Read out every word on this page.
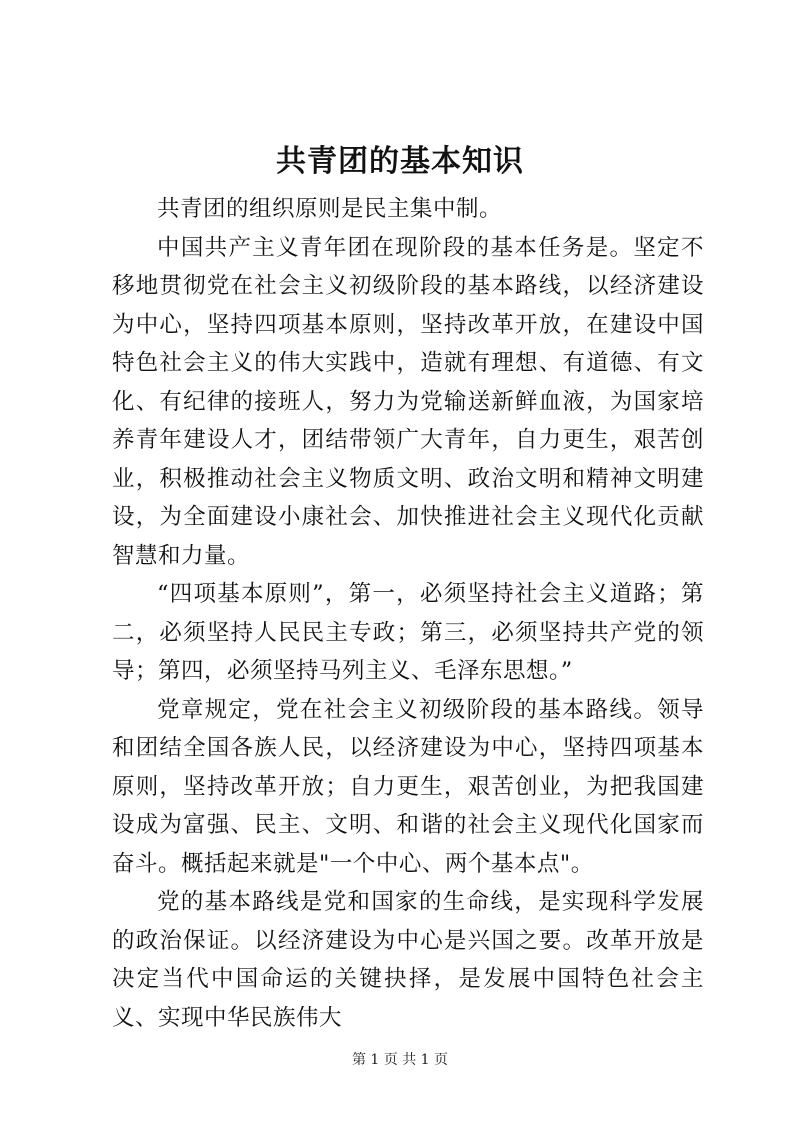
共青团的基本知识

共青团的组织原则是民主集中制。

中国共产主义青年团在现阶段的基本任务是。坚定不移地贯彻党在社会主义初级阶段的基本路线，以经济建设为中心，坚持四项基本原则，坚持改革开放，在建设中国特色社会主义的伟大实践中，造就有理想、有道德、有文化、有纪律的接班人，努力为党输送新鲜血液，为国家培养青年建设人才，团结带领广大青年，自力更生，艰苦创业，积极推动社会主义物质文明、政治文明和精神文明建设，为全面建设小康社会、加快推进社会主义现代化贡献智慧和力量。

“四项基本原则”，第一，必须坚持社会主义道路；第二，必须坚持人民民主专政；第三，必须坚持共产党的领导；第四，必须坚持马列主义、毛泽东思想。”

党章规定，党在社会主义初级阶段的基本路线。领导和团结全国各族人民，以经济建设为中心，坚持四项基本原则，坚持改革开放；自力更生，艰苦创业，为把我国建设成为富强、民主、文明、和谐的社会主义现代化国家而奋斗。概括起来就是"一个中心、两个基本点"。

党的基本路线是党和国家的生命线，是实现科学发展的政治保证。以经济建设为中心是兴国之要。改革开放是决定当代中国命运的关键抉择，是发展中国特色社会主义、实现中华民族伟大

第 1 页 共 1 页
